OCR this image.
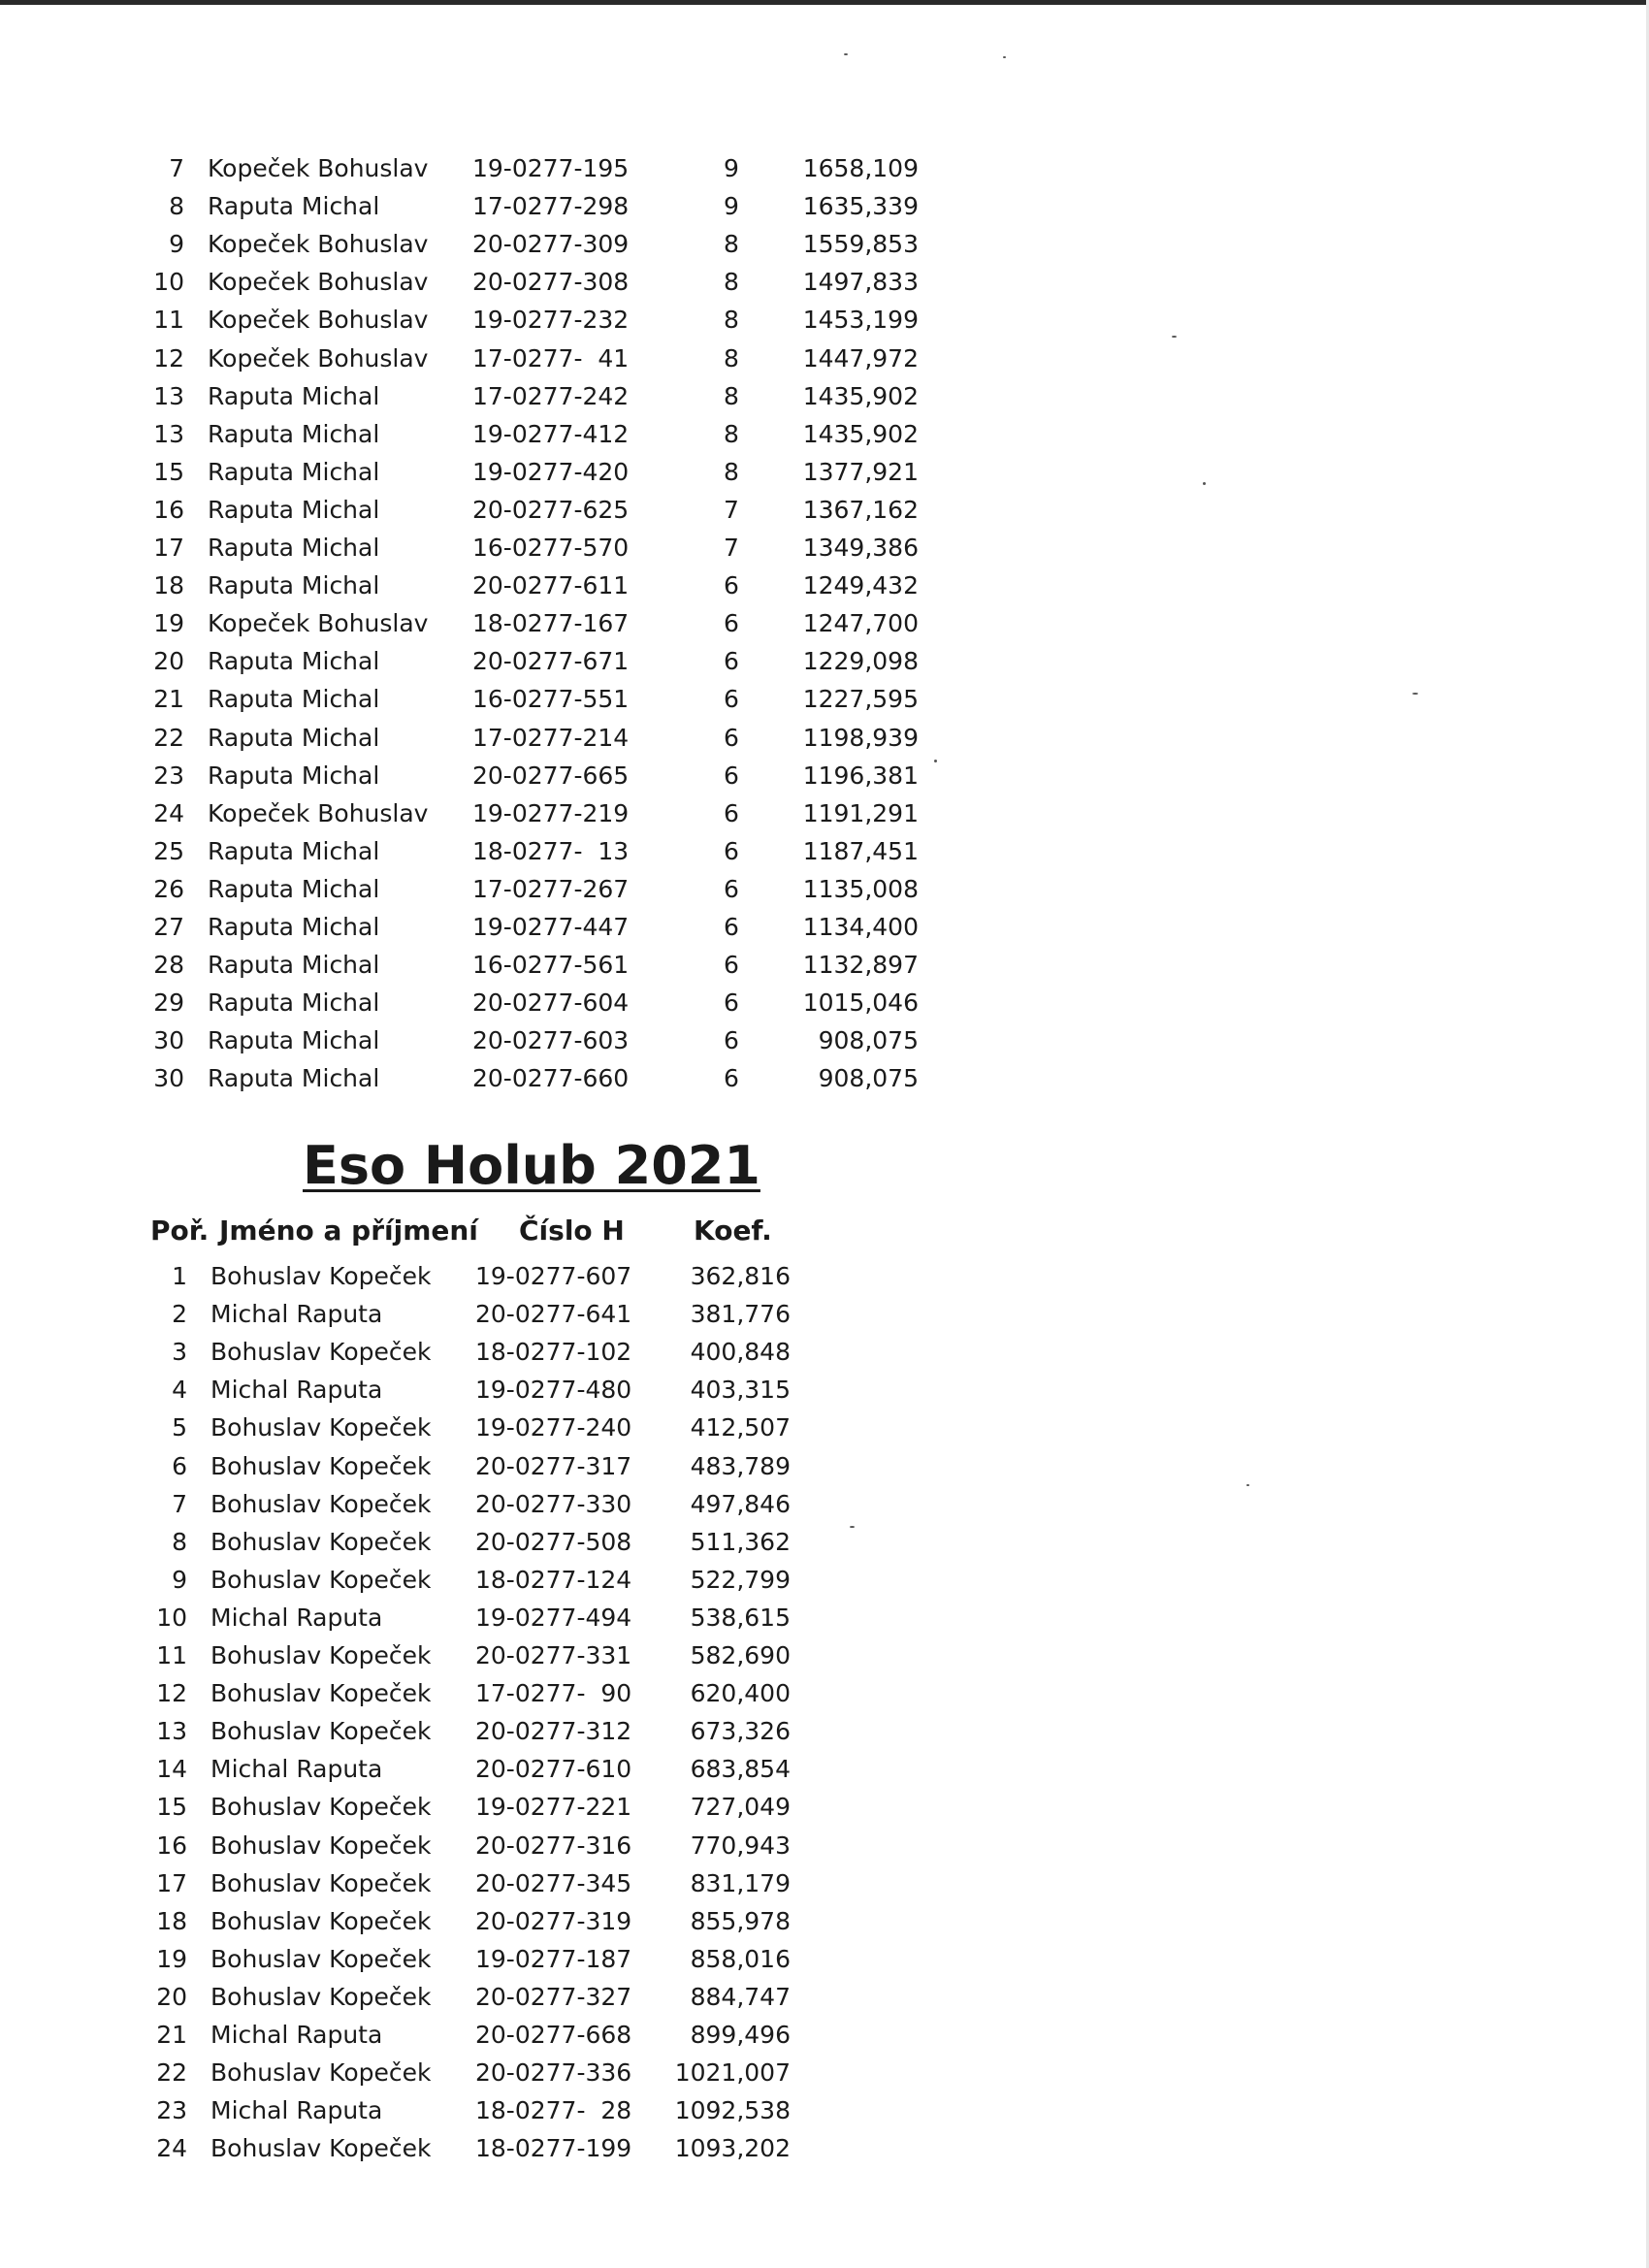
7 Kopeček Bohuslav 19-0277-195	9	1658,109
8 Raputa Michal	17-0277-298	9	1635,339
9 Kopeček Bohuslav 20-0277-309	8	1559,853
10 Kopeček Bohuslav 20-0277-308	8	1497,833
11 Kopeček Bohuslav 19-0277-232	8	1453,199
12 Kopeček Bohuslav 17-0277-  41	8	1447,972
13 Raputa Michal	17-0277-242	8	1435,902
13 Raputa Michal	19-0277-412	8	1435,902
15 Raputa Michal	19-0277-420	8	1377,921
16 Raputa Michal	20-0277-625	7	1367,162
17 Raputa Michal	16-0277-570	7	1349,386
18 Raputa Michal	20-0277-611	6	1249,432
19 Kopeček Bohuslav 18-0277-167	6	1247,700
20 Raputa Michal	20-0277-671	6	1229,098
21 Raputa Michal	16-0277-551	6	1227,595
22 Raputa Michal	17-0277-214	6	1198,939
23 Raputa Michal	20-0277-665	6	1196,381
24 Kopeček Bohuslav 19-0277-219	6	1191,291
25 Raputa Michal	18-0277-  13	6	1187,451
26 Raputa Michal	17-0277-267	6	1135,008
27 Raputa Michal	19-0277-447	6	1134,400
28 Raputa Michal	16-0277-561	6	1132,897
29 Raputa Michal	20-0277-604	6	1015,046
30 Raputa Michal	20-0277-603	6	908,075
30 Raputa Michal	20-0277-660	6	908,075
Eso Holub 2021
Poř. Jméno a příjmení Číslo H	Koef.
1 Bohuslav Kopeček 19-0277-607	362,816
2 Michal Raputa	20-0277-641	381,776
3 Bohuslav Kopeček 18-0277-102	400,848
4 Michal Raputa	19-0277-480	403,315
5 Bohuslav Kopeček 19-0277-240	412,507
6 Bohuslav Kopeček 20-0277-317	483,789
7 Bohuslav Kopeček 20-0277-330	497,846
8 Bohuslav Kopeček 20-0277-508	511,362
9 Bohuslav Kopeček 18-0277-124	522,799
10 Michal Raputa	19-0277-494	538,615
11 Bohuslav Kopeček 20-0277-331	582,690
12 Bohuslav Kopeček 17-0277-  90	620,400
13 Bohuslav Kopeček 20-0277-312	673,326
14 Michal Raputa	20-0277-610	683,854
15 Bohuslav Kopeček 19-0277-221	727,049
16 Bohuslav Kopeček 20-0277-316	770,943
17 Bohuslav Kopeček 20-0277-345	831,179
18 Bohuslav Kopeček 20-0277-319	855,978
19 Bohuslav Kopeček 19-0277-187	858,016
20 Bohuslav Kopeček 20-0277-327	884,747
21 Michal Raputa	20-0277-668	899,496
22 Bohuslav Kopeček 20-0277-336 1021,007
23 Michal Raputa	18-0277-  28 1092,538
24 Bohuslav Kopeček 18-0277-199 1093,202
